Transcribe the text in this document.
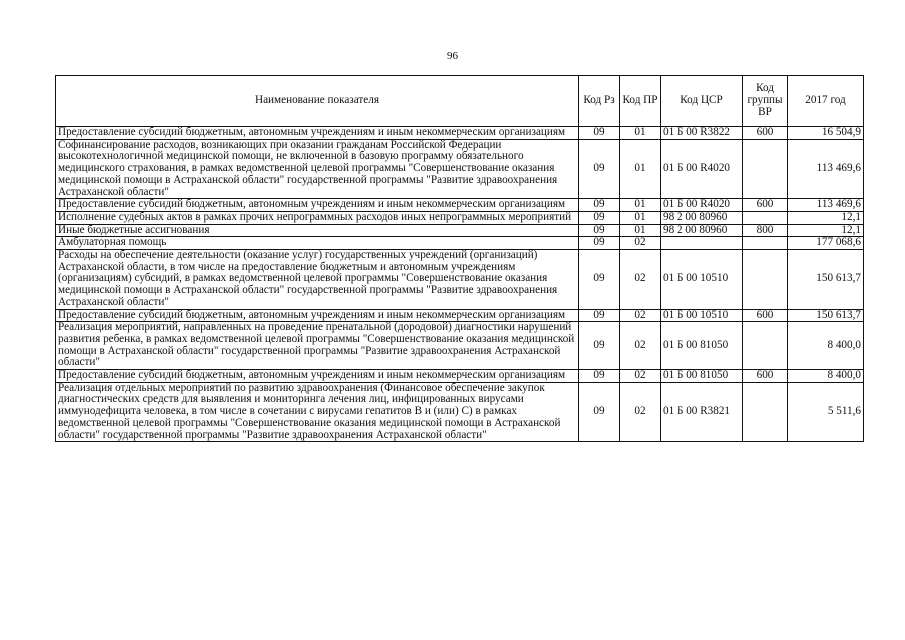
96
Наименование показателя	Код Рз	Код ПР	Код ЦСР	Код группы ВР	2017 год
Предоставление субсидий бюджетным, автономным учреждениям и иным некоммерческим организациям	09	01	01 Б 00 R3822	600	16 504,9
Софинансирование расходов, возникающих при оказании гражданам Российской Федерации высокотехнологичной медицинской помощи, не включенной в базовую программу обязательного медицинского страхования, в рамках ведомственной целевой программы "Совершенствование оказания медицинской помощи в Астраханской области" государственной программы "Развитие здравоохранения Астраханской области"	09	01	01 Б 00 R4020		113 469,6
Предоставление субсидий бюджетным, автономным учреждениям и иным некоммерческим организациям	09	01	01 Б 00 R4020	600	113 469,6
Исполнение судебных актов в рамках прочих непрограммных расходов иных непрограммных мероприятий	09	01	98 2 00 80960		12,1
Иные бюджетные ассигнования	09	01	98 2 00 80960	800	12,1
Амбулаторная помощь	09	02			177 068,6
Расходы на обеспечение деятельности (оказание услуг) государственных учреждений (организаций) Астраханской области, в том числе на предоставление бюджетным и автономным учреждениям (организациям) субсидий, в рамках ведомственной целевой программы "Совершенствование оказания медицинской помощи в Астраханской области" государственной программы "Развитие здравоохранения Астраханской области"	09	02	01 Б 00 10510		150 613,7
Предоставление субсидий бюджетным, автономным учреждениям и иным некоммерческим организациям	09	02	01 Б 00 10510	600	150 613,7
Реализация мероприятий, направленных на проведение пренатальной (дородовой) диагностики нарушений развития ребенка, в рамках ведомственной целевой программы "Совершенствование оказания медицинской помощи в Астраханской области" государственной программы "Развитие здравоохранения Астраханской области"	09	02	01 Б 00 81050		8 400,0
Предоставление субсидий бюджетным, автономным учреждениям и иным некоммерческим организациям	09	02	01 Б 00 81050	600	8 400,0
Реализация отдельных мероприятий по развитию здравоохранения (Финансовое обеспечение закупок диагностических средств для выявления и мониторинга лечения лиц, инфицированных вирусами иммунодефицита человека, в том числе в сочетании с вирусами гепатитов В и (или) С) в рамках ведомственной целевой программы "Совершенствование оказания медицинской помощи в Астраханской области" государственной программы "Развитие здравоохранения Астраханской области"	09	02	01 Б 00 R3821		5 511,6
